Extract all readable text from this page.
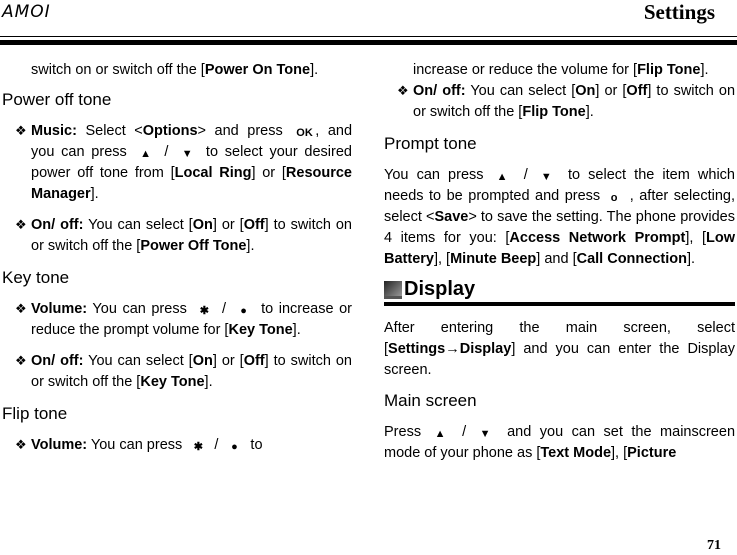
AMOI	Settings
switch on or switch off the [Power On Tone].
Power off tone
❖ Music: Select <Options> and press OK , and you can press ▲ / ▼ to select your desired power off tone from [Local Ring] or [Resource Manager].
❖ On/ off: You can select [On] or [Off] to switch on or switch off the [Power Off Tone].
Key tone
❖ Volume: You can press ✱ / ● to increase or reduce the prompt volume for [Key Tone].
❖ On/ off: You can select [On] or [Off] to switch on or switch off the [Key Tone].
Flip tone
❖ Volume: You can press ✱ / ● to
increase or reduce the volume for [Flip Tone].
❖ On/ off: You can select [On] or [Off] to switch on or switch off the [Flip Tone].
Prompt tone
You can press ▲ / ▼ to select the item which needs to be prompted and press o , after selecting, select <Save> to save the setting. The phone provides 4 items for you: [Access Network Prompt], [Low Battery], [Minute Beep] and [Call Connection].
Display
After entering the main screen, select [Settings→Display] and you can enter the Display screen.
Main screen
Press ▲ / ▼ and you can set the mainscreen mode of your phone as [Text Mode], [Picture
71
